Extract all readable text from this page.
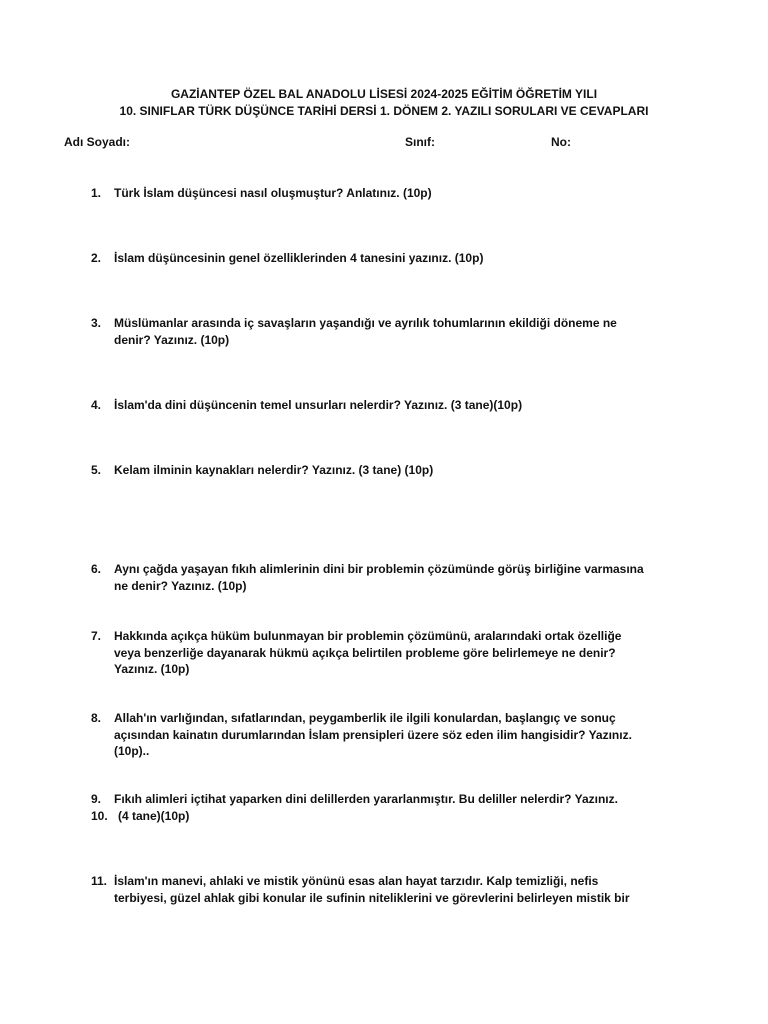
GAZİANTEP ÖZEL BAL ANADOLU LİSESİ 2024-2025 EĞİTİM ÖĞRETİM YILI
10. SINIFLAR TÜRK DÜŞÜNCE TARİHİ DERSİ 1. DÖNEM 2. YAZILI SORULARI VE CEVAPLARI
Adı Soyadı:	Sınıf:	No:
1.	Türk İslam düşüncesi nasıl oluşmuştur? Anlatınız. (10p)
2.	İslam düşüncesinin genel özelliklerinden 4 tanesini yazınız. (10p)
3.	Müslümanlar arasında iç savaşların yaşandığı ve ayrılık tohumlarının ekildiği döneme ne denir? Yazınız. (10p)
4.	İslam'da dini düşüncenin temel unsurları nelerdir? Yazınız. (3 tane)(10p)
5.	Kelam ilminin kaynakları nelerdir? Yazınız. (3 tane) (10p)
6.	Aynı çağda yaşayan fıkıh alimlerinin dini bir problemin çözümünde görüş birliğine varmasına ne denir? Yazınız. (10p)
7.	Hakkında açıkça hüküm bulunmayan bir problemin çözümünü, aralarındaki ortak özelliğe veya benzerliğe dayanarak hükmü açıkça belirtilen probleme göre belirlemeye ne denir? Yazınız. (10p)
8.	Allah'ın varlığından, sıfatlarından, peygamberlik ile ilgili konulardan, başlangıç ve sonuç açısından kainatın durumlarından İslam prensipleri üzere söz eden ilim hangisidir? Yazınız. (10p)..
9.	Fıkıh alimleri içtihat yaparken dini delillerden yararlanmıştır. Bu deliller nelerdir? Yazınız.
10. (4 tane)(10p)
11. İslam'ın manevi, ahlaki ve mistik yönünü esas alan hayat tarzıdır. Kalp temizliği, nefis terbiyesi, güzel ahlak gibi konular ile sufinin niteliklerini ve görevlerini belirleyen mistik bir
